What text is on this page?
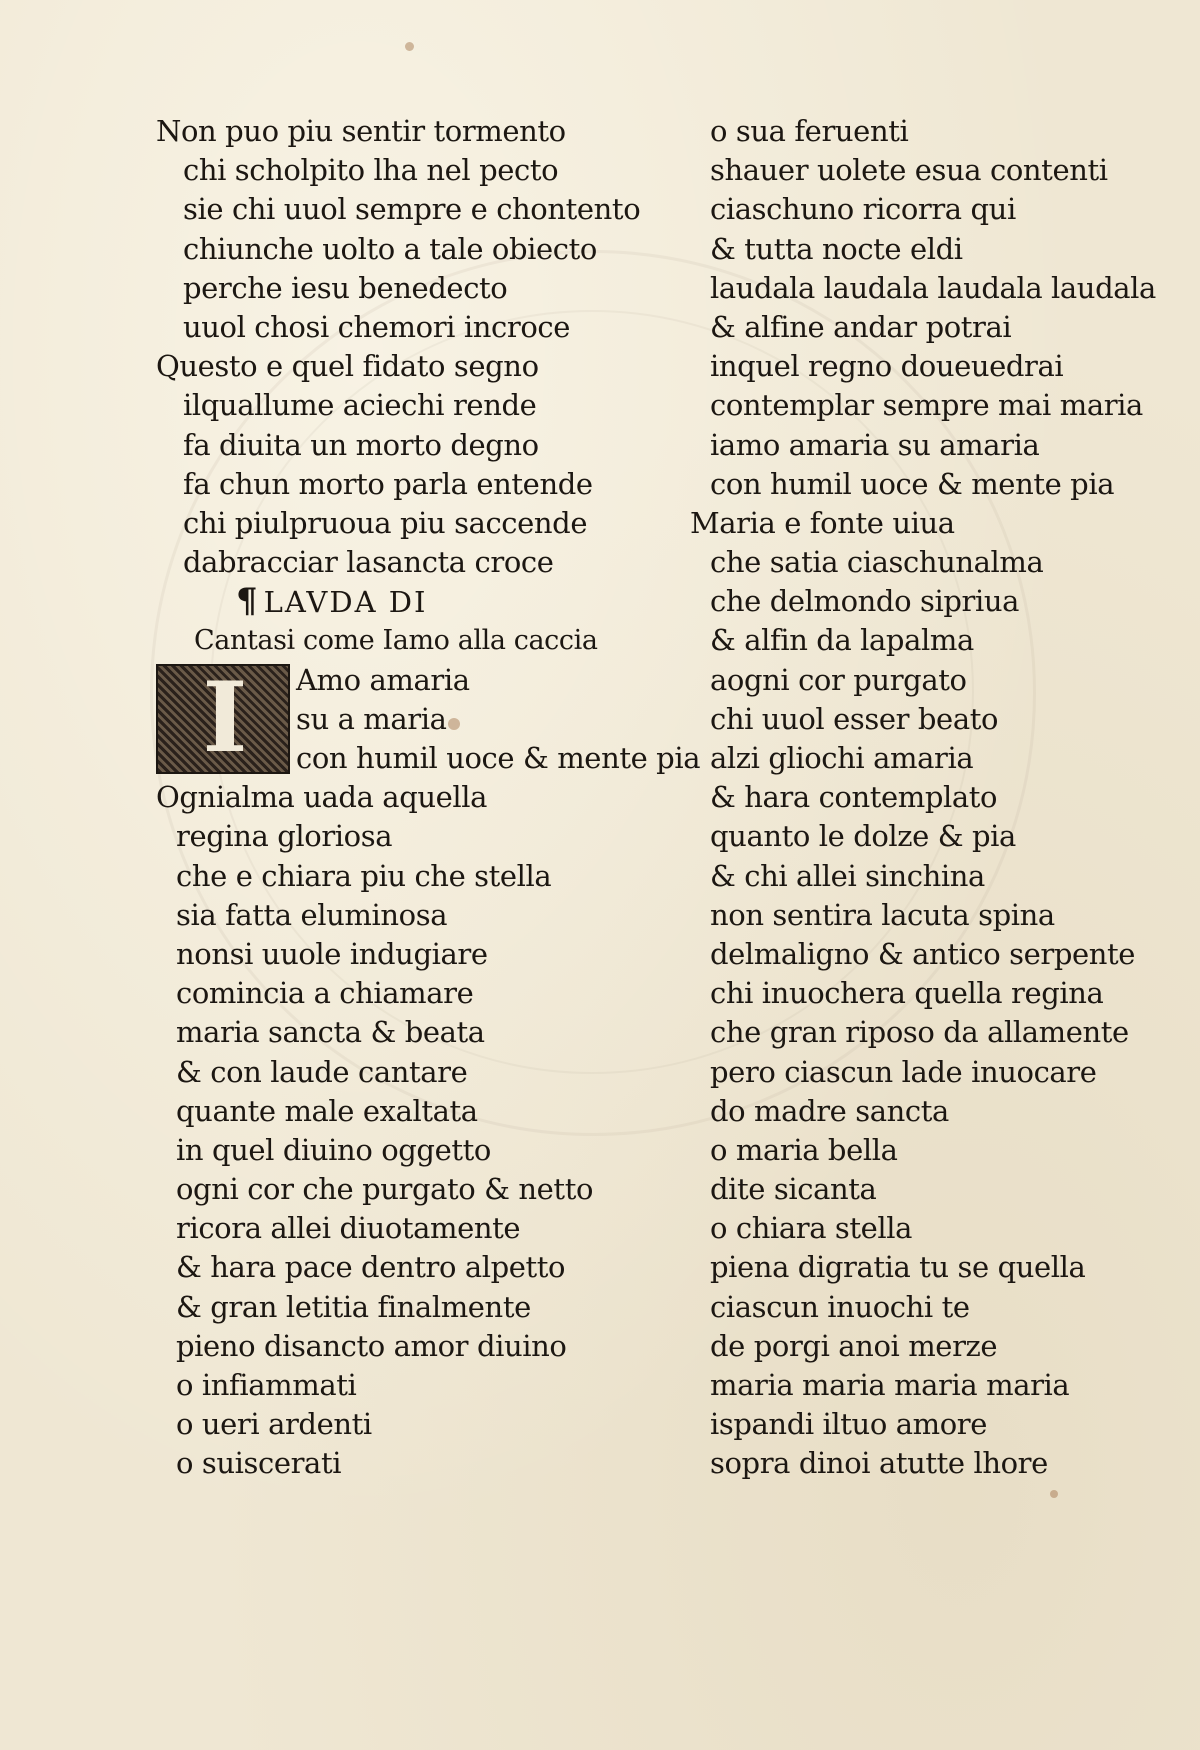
Non puo piu sentir tormento
chi scholpito lha nel pecto
sie chi uuol sempre e chontento
chiunche uolto a tale obiecto
perche iesu benedecto
uuol chosi chemori incroce
Questo e quel fidato segno
ilquallume aciechi rende
fa diuita un morto degno
fa chun morto parla entende
chi piulpruoua piu saccende
dabracciar lasancta croce
¶ LAVDA DI
Cantasi come Iamo alla caccia
I Amo amaria
su a maria
con humil uoce & mente pia
Ognialma uada aquella
regina gloriosa
che e chiara piu che stella
sia fatta eluminosa
nonsi uuole indugiare
comincia a chiamare
maria sancta & beata
& con laude cantare
quante male exaltata
in quel diuino oggetto
ogni cor che purgato & netto
ricora allei diuotamente
& hara pace dentro alpetto
& gran letitia finalmente
pieno disancto amor diuino
o infiammati
o ueri ardenti
o suiscerati
o sua feruenti
shauer uolete esua contenti
ciaschuno ricorra qui
& tutta nocte eldi
laudala laudala laudala laudala
& alfine andar potrai
inquel regno doueuedrai
contemplar sempre mai maria
iamo amaria su amaria
con humil uoce & mente pia
Maria e fonte uiua
che satia ciaschunalma
che delmondo sipriua
& alfin da lapalma
aogni cor purgato
chi uuol esser beato
alzi gliochi amaria
& hara contemplato
quanto le dolze & pia
& chi allei sinchina
non sentira lacuta spina
delmaligno & antico serpente
chi inuochera quella regina
che gran riposo da allamente
pero ciascun lade inuocare
do madre sancta
o maria bella
dite sicanta
o chiara stella
piena digratia tu se quella
ciascun inuochi te
de porgi anoi merze
maria maria maria maria
ispandi iltuo amore
sopra dinoi atutte lhore
